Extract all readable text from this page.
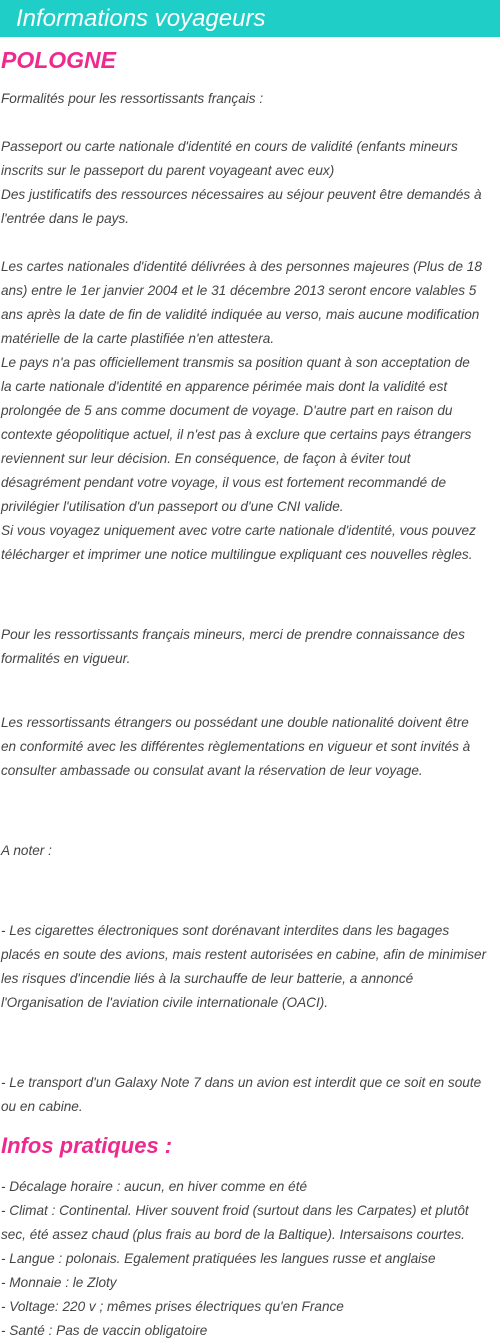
Informations voyageurs
POLOGNE
Formalités pour les ressortissants français :
Passeport ou carte nationale d'identité en cours de validité (enfants mineurs
inscrits sur le passeport du parent voyageant avec eux)
Des justificatifs des ressources nécessaires au séjour peuvent être demandés à
l'entrée dans le pays.
Les cartes nationales d'identité délivrées à des personnes majeures (Plus de 18
ans) entre le 1er janvier 2004 et le 31 décembre 2013 seront encore valables 5
ans après la date de fin de validité indiquée au verso, mais aucune modification
matérielle de la carte plastifiée n'en attestera.
Le pays n'a pas officiellement transmis sa position quant à son acceptation de
la carte nationale d'identité en apparence périmée mais dont la validité est
prolongée de 5 ans comme document de voyage. D'autre part en raison du
contexte géopolitique actuel, il n'est pas à exclure que certains pays étrangers
reviennent sur leur décision. En conséquence, de façon à éviter tout
désagrément pendant votre voyage, il vous est fortement recommandé de
privilégier l'utilisation d'un passeport ou d'une CNI valide.
Si vous voyagez uniquement avec votre carte nationale d'identité, vous pouvez
télécharger et imprimer une notice multilingue expliquant ces nouvelles règles.
Pour les ressortissants français mineurs, merci de prendre connaissance des
formalités en vigueur.
Les ressortissants étrangers ou possédant une double nationalité doivent être
en conformité avec les différentes règlementations en vigueur et sont invités à
consulter ambassade ou consulat avant la réservation de leur voyage.
A noter :
- Les cigarettes électroniques sont dorénavant interdites dans les bagages
placés en soute des avions, mais restent autorisées en cabine, afin de minimiser
les risques d'incendie liés à la surchauffe de leur batterie, a annoncé
l'Organisation de l'aviation civile internationale (OACI).
- Le transport d'un Galaxy Note 7 dans un avion est interdit que ce soit en soute
ou en cabine.
Infos pratiques :
- Décalage horaire : aucun, en hiver comme en été
- Climat : Continental. Hiver souvent froid (surtout dans les Carpates) et plutôt
sec, été assez chaud (plus frais au bord de la Baltique). Intersaisons courtes.
- Langue : polonais. Egalement pratiquées les langues russe et anglaise
- Monnaie : le Zloty
- Voltage: 220 v ; mêmes prises électriques qu'en France
- Santé : Pas de vaccin obligatoire
